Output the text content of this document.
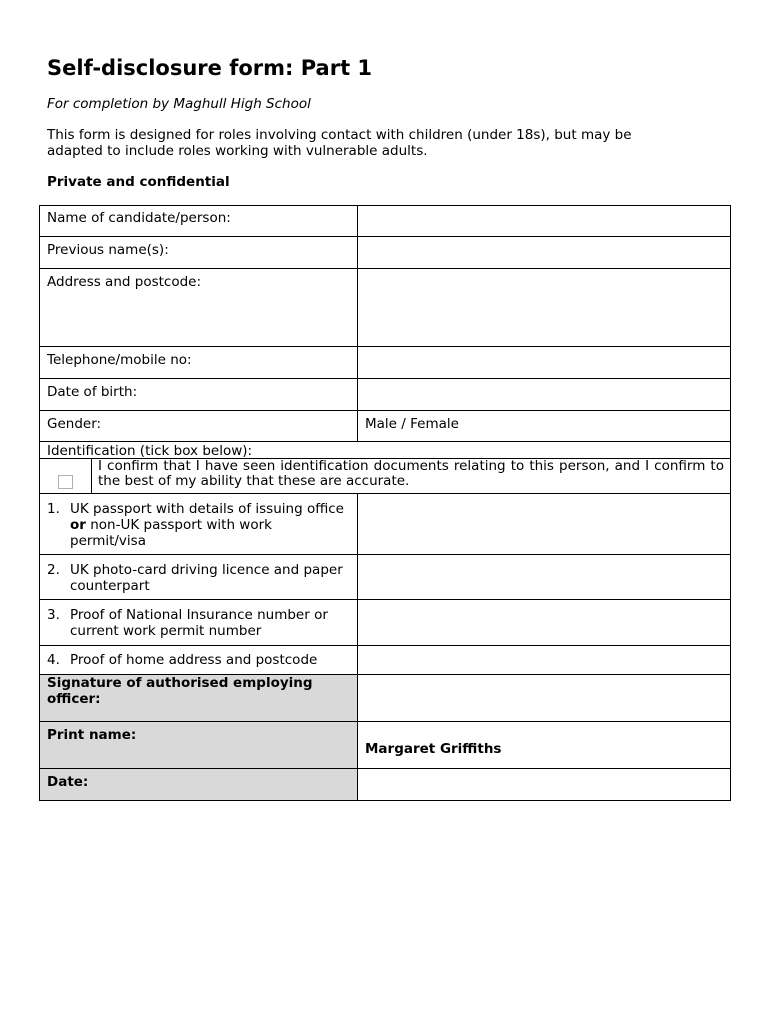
Self-disclosure form: Part 1
For completion by Maghull High School
This form is designed for roles involving contact with children (under 18s), but may be adapted to include roles working with vulnerable adults.
Private and confidential
Name of candidate/person:
Previous name(s):
Address and postcode:
Telephone/mobile no:
Date of birth:
Gender:	Male / Female
Identification (tick box below):
I confirm that I have seen identification documents relating to this person, and I confirm to the best of my ability that these are accurate.
1. UK passport with details of issuing office or non-UK passport with work permit/visa
2. UK photo-card driving licence and paper counterpart
3. Proof of National Insurance number or current work permit number
4. Proof of home address and postcode
Signature of authorised employing officer:
Print name:
Margaret Griffiths
Date:
